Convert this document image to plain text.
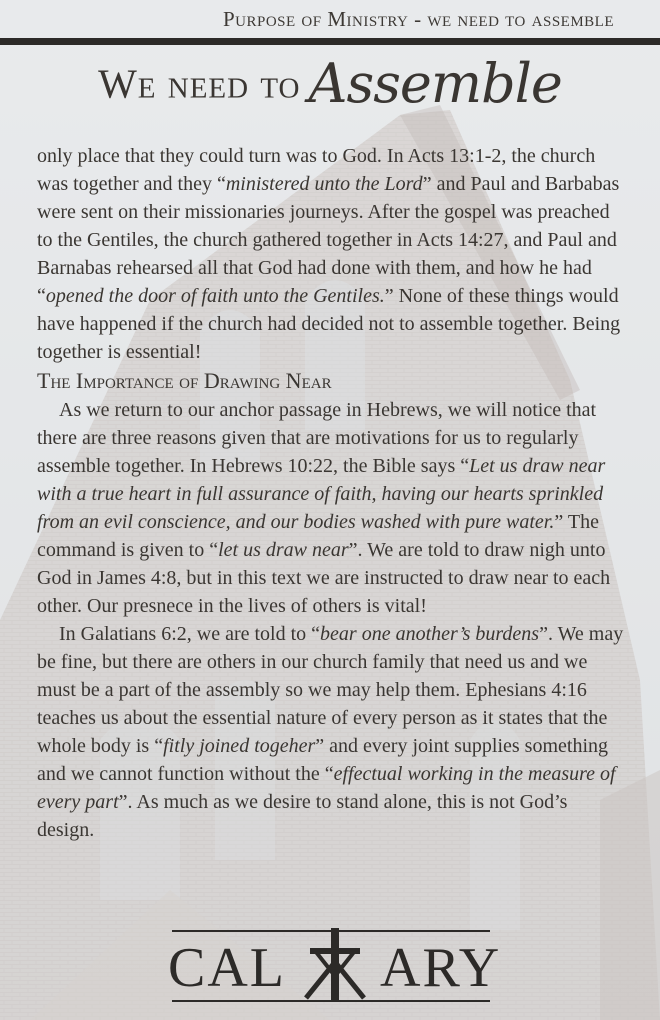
Purpose of Ministry - we need to assemble
We need to Assemble

only place that they could turn was to God. In Acts 13:1-2, the church was together and they “ministered unto the Lord” and Paul and Barbabas were sent on their missionaries journeys. After the gospel was preached to the Gentiles, the church gathered together in Acts 14:27, and Paul and Barnabas rehearsed all that God had done with them, and how he had “opened the door of faith unto the Gentiles.” None of these things would have happened if the church had decided not to assemble together. Being together is essential!

The Importance of Drawing Near

As we return to our anchor passage in Hebrews, we will notice that there are three reasons given that are motivations for us to regularly assemble together. In Hebrews 10:22, the Bible says “Let us draw near with a true heart in full assurance of faith, having our hearts sprinkled from an evil conscience, and our bodies washed with pure water.” The command is given to “let us draw near”. We are told to draw nigh unto God in James 4:8, but in this text we are instructed to draw near to each other. Our presnece in the lives of others is vital!

In Galatians 6:2, we are told to “bear one another’s burdens”. We may be fine, but there are others in our church family that need us and we must be a part of the assembly so we may help them. Ephesians 4:16 teaches us about the essential nature of every person as it states that the whole body is “fitly joined togeher” and every joint supplies something and we cannot function without the “effectual working in the measure of every part”. As much as we desire to stand alone, this is not God’s design.

CAL ARY
